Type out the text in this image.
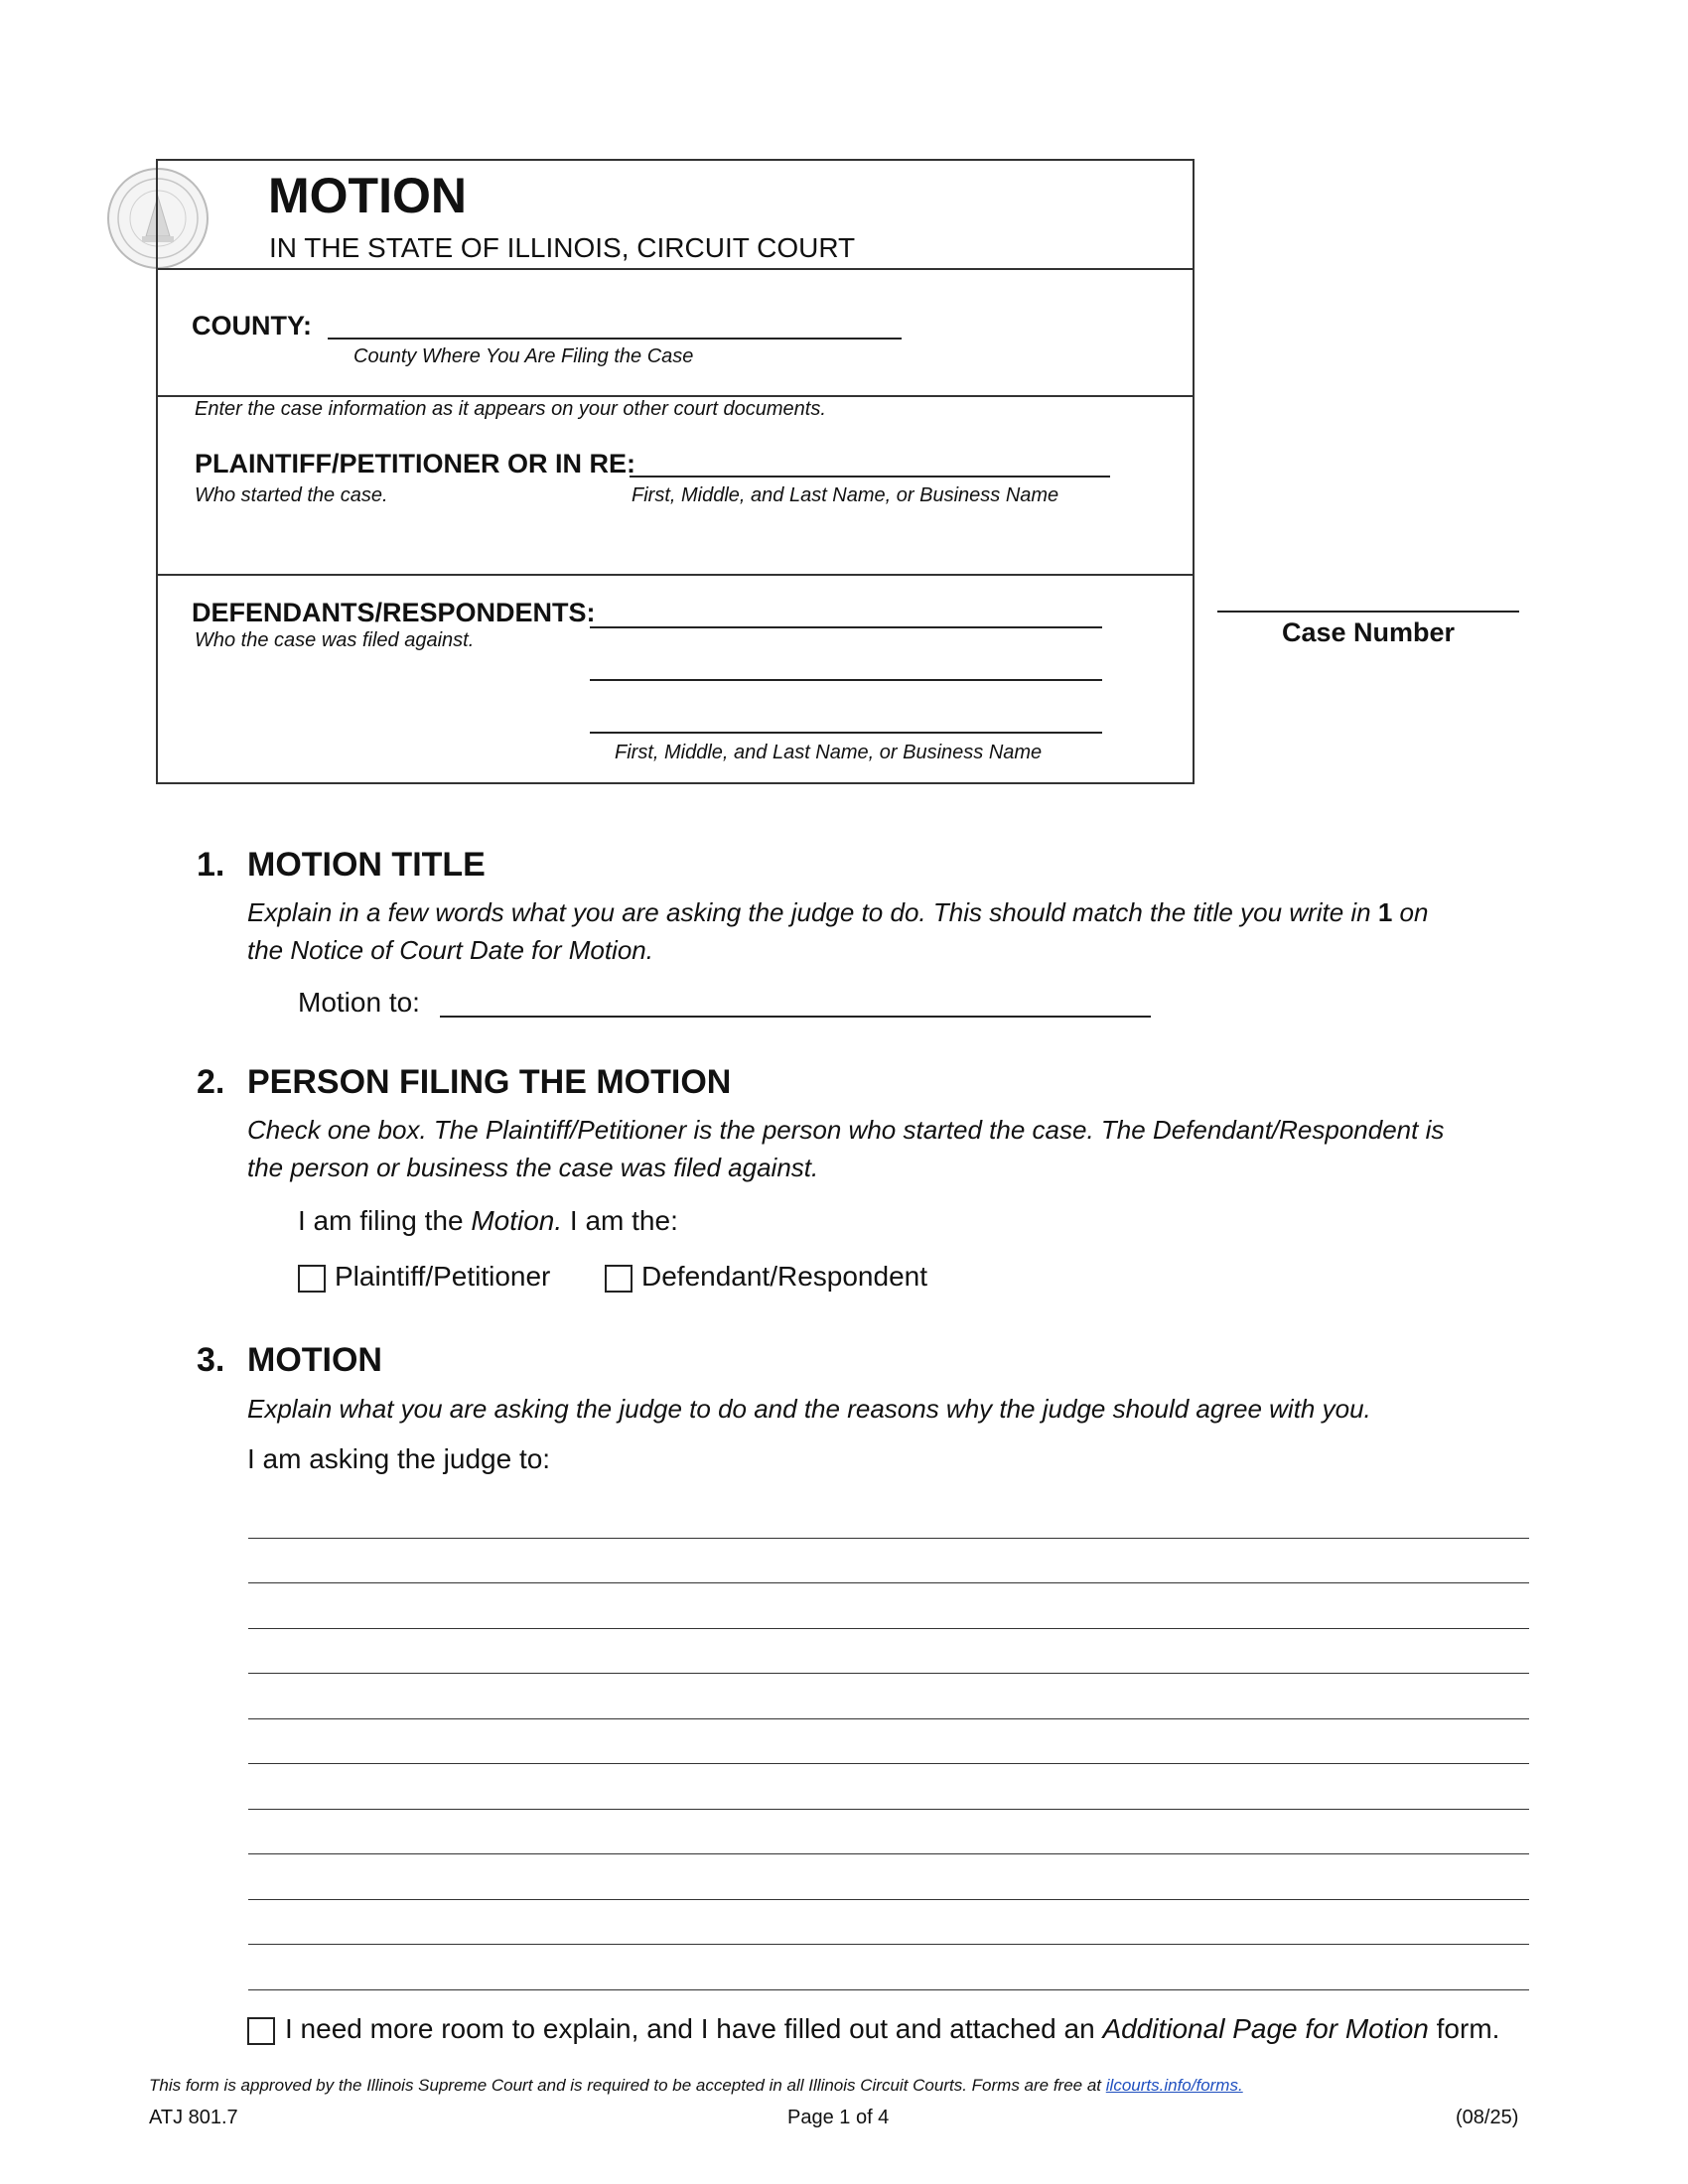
MOTION
IN THE STATE OF ILLINOIS, CIRCUIT COURT
COUNTY:
County Where You Are Filing the Case
Enter the case information as it appears on your other court documents.
PLAINTIFF/PETITIONER OR IN RE:
Who started the case.	First, Middle, and Last Name, or Business Name
DEFENDANTS/RESPONDENTS:
Who the case was filed against.
First, Middle, and Last Name, or Business Name
Case Number
1. MOTION TITLE
Explain in a few words what you are asking the judge to do. This should match the title you write in 1 on
the Notice of Court Date for Motion.
Motion to:
2. PERSON FILING THE MOTION
Check one box. The Plaintiff/Petitioner is the person who started the case. The Defendant/Respondent is
the person or business the case was filed against.
I am filing the Motion. I am the:
Plaintiff/Petitioner	Defendant/Respondent
3. MOTION
Explain what you are asking the judge to do and the reasons why the judge should agree with you.
I am asking the judge to:
I need more room to explain, and I have filled out and attached an Additional Page for Motion form.
This form is approved by the Illinois Supreme Court and is required to be accepted in all Illinois Circuit Courts. Forms are free at ilcourts.info/forms.
ATJ 801.7	Page 1 of 4	(08/25)
